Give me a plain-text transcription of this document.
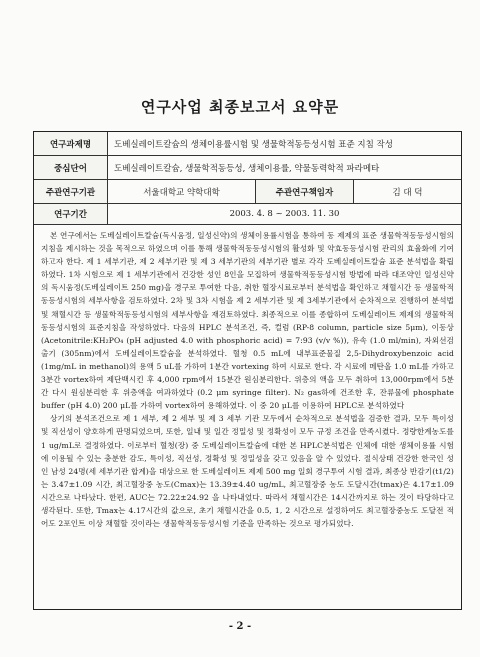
연구사업 최종보고서 요약문
연구과제명	도베실레이트칼슘의 생체이용률시험 및 생물학적동등성시험 표준 지침 작성
중심단어	도베실레이트칼슘, 생물학적동등성, 생체이용률, 약물동력학적 파라메타
주관연구기관	서울대학교 약학대학	주관연구책임자	김 대 덕
연구기간	2003. 4. 8 ~ 2003. 11. 30

본 연구에서는 도베실레이트칼슘(독시움정, 일성신약)의 생체이용률시험을 통하여 동 제제의 표준 생물학적동등성시험의 지침을 제시하는 것을 목적으로 하였으며 이를 통해 생물학적동등성시험의 활성화 및 약효동등성시험 관리의 효율화에 기여하고자 한다. 제 1 세부기관, 제 2 세부기관 및 제 3 세부기관의 세부기관 별로 각각 도베실레이트칼슘 표준 분석법을 확립하였다. 1차 시험으로 제 1 세부기관에서 건강한 성인 8인을 모집하여 생물학적동등성시험 방법에 따라 대조약인 일성신약의 독시움정(도베실레이트 250 mg)을 경구로 투여한 다음, 취한 혈장시료로부터 분석법을 확인하고 채혈시간 등 생물학적동등성시험의 세부사항을 검토하였다. 2차 및 3차 시험을 제 2 세부기관 및 제 3세부기관에서 순차적으로 진행하여 분석법 및 채혈시간 등 생물학적동등성시험의 세부사항을 재검토하였다. 최종적으로 이를 종합하여 도베실레이트 제제의 생물학적동등성시험의 표준지침을 작성하였다. 다음의 HPLC 분석조건, 즉, 컬럼 (RP-8 column, particle size 5μm), 이동상 (Acetonitrile:KH₂PO₄ (pH adjusted 4.0 with phosphoric acid) = 7:93 (v/v %)), 유속 (1.0 ml/min), 자외선검출기 (305nm)에서 도베실레이트칼슘을 분석하였다. 혈청 0.5 mL에 내부표준물질 2,5-Dihydroxybenzoic acid (1mg/mL in methanol)의 용액 5 uL를 가하여 1분간 vortexing 하여 시료로 한다. 각 시료에 메탄올 1.0 mL를 가하고 3분간 vortex하여 제단백시킨 후 4,000 rpm에서 15분간 원심분리한다. 위층의 액을 모두 취하여 13,000rpm에서 5분간 다시 원심분리한 후 위층액을 여과하였다 (0.2 μm syringe filter). N₂ gas하에 건조한 후, 잔류물에 phosphate buffer (pH 4.0) 200 μL를 가하여 vortex하여 용해하였다. 이 중 20 μL를 이용하여 HPLC로 분석하였다

상기의 분석조건으로 제 1 세부, 제 2 세부 및 제 3 세부 기관 모두에서 순차적으로 분석법을 검증한 결과, 모두 특이성 및 직선성이 양호하게 판명되었으며, 또한, 일내 및 일간 정밀성 및 정확성이 모두 규정 조건을 만족시켰다. 정량한계농도를 1 ug/mL로 결정하였다. 이로부터 혈청(장) 중 도베실레이트칼슘에 대한 본 HPLC분석법은 인체에 대한 생체이용률 시험에 이용될 수 있는 충분한 감도, 특이성, 직선성, 정확성 및 정밀성을 갖고 있음을 알 수 있었다. 절식상태 건강한 한국인 성인 남성 24명(세 세부기관 합계)을 대상으로 한 도베실레이트 제제 500 mg 일회 경구투여 시험 결과, 최종상 반감기(t1/2)는 3.47±1.09 시간, 최고혈장중 농도(Cmax)는 13.39±4.40 ug/mL, 최고혈장중 농도 도달시간(tmax)은 4.17±1.09 시간으로 나타났다. 한편, AUC는 72.22±24.92 을 나타내었다. 따라서 채혈시간은 14시간까지로 하는 것이 타당하다고 생각된다. 또한, Tmax는 4.17시간의 값으로, 초기 채혈시간을 0.5, 1, 2 시간으로 설정하여도 최고혈장중농도 도달전 적어도 2포인트 이상 채혈할 것이라는 생물학적동등성시험 기준을 만족하는 것으로 평가되었다.

- 2 -
